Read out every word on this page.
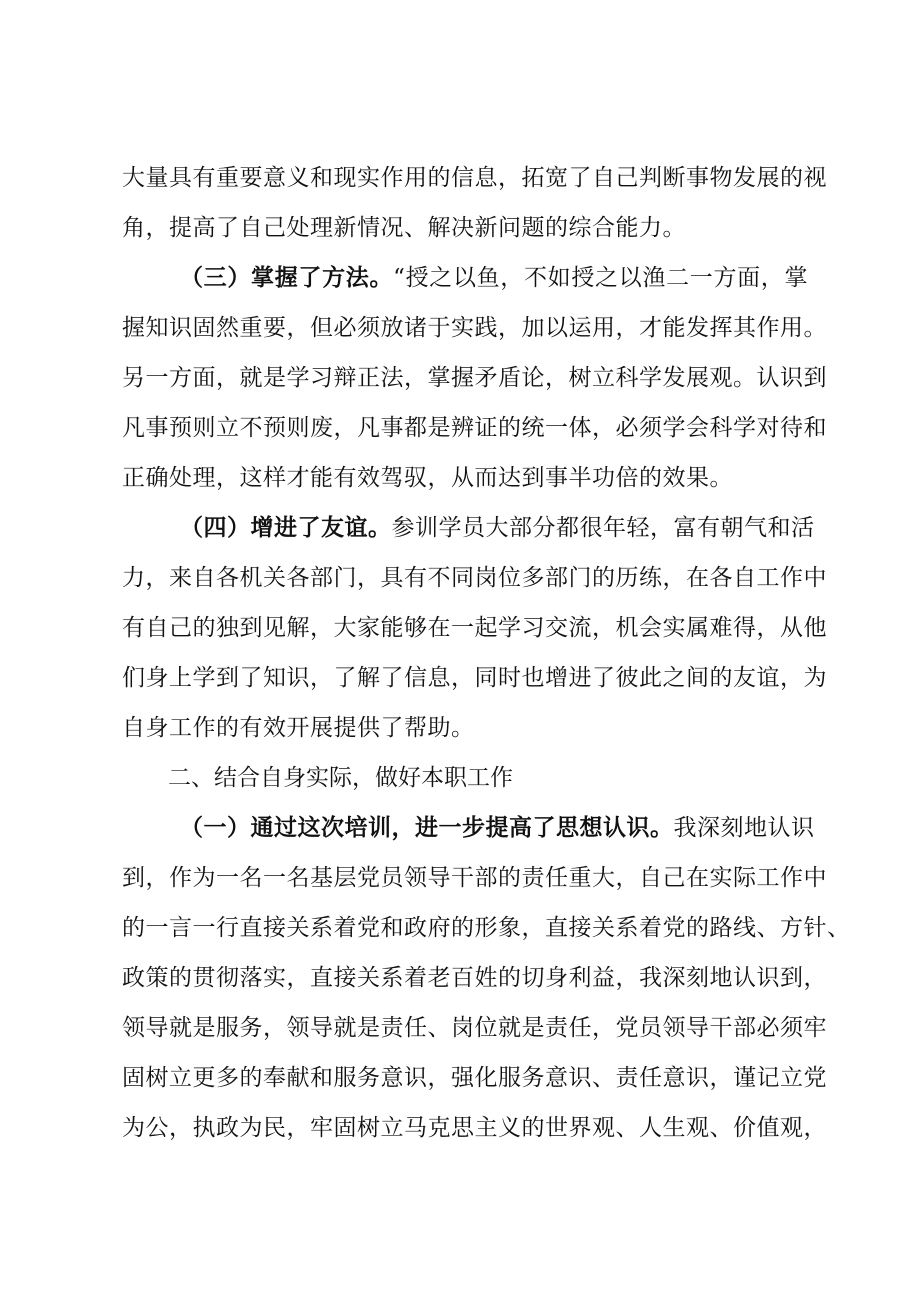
大量具有重要意义和现实作用的信息，拓宽了自己判断事物发展的视
角，提高了自己处理新情况、解决新问题的综合能力。
（三）掌握了方法。“授之以鱼，不如授之以渔二一方面，掌
握知识固然重要，但必须放诸于实践，加以运用，才能发挥其作用。
另一方面，就是学习辩正法，掌握矛盾论，树立科学发展观。认识到
凡事预则立不预则废，凡事都是辨证的统一体，必须学会科学对待和
正确处理，这样才能有效驾驭，从而达到事半功倍的效果。
（四）增进了友谊。参训学员大部分都很年轻，富有朝气和活
力，来自各机关各部门，具有不同岗位多部门的历练，在各自工作中
有自己的独到见解，大家能够在一起学习交流，机会实属难得，从他
们身上学到了知识，了解了信息，同时也增进了彼此之间的友谊，为
自身工作的有效开展提供了帮助。
二、结合自身实际，做好本职工作
（一）通过这次培训，进一步提高了思想认识。我深刻地认识
到，作为一名一名基层党员领导干部的责任重大，自己在实际工作中
的一言一行直接关系着党和政府的形象，直接关系着党的路线、方针、
政策的贯彻落实，直接关系着老百姓的切身利益，我深刻地认识到，
领导就是服务，领导就是责任、岗位就是责任，党员领导干部必须牢
固树立更多的奉献和服务意识，强化服务意识、责任意识，谨记立党
为公，执政为民，牢固树立马克思主义的世界观、人生观、价值观，
